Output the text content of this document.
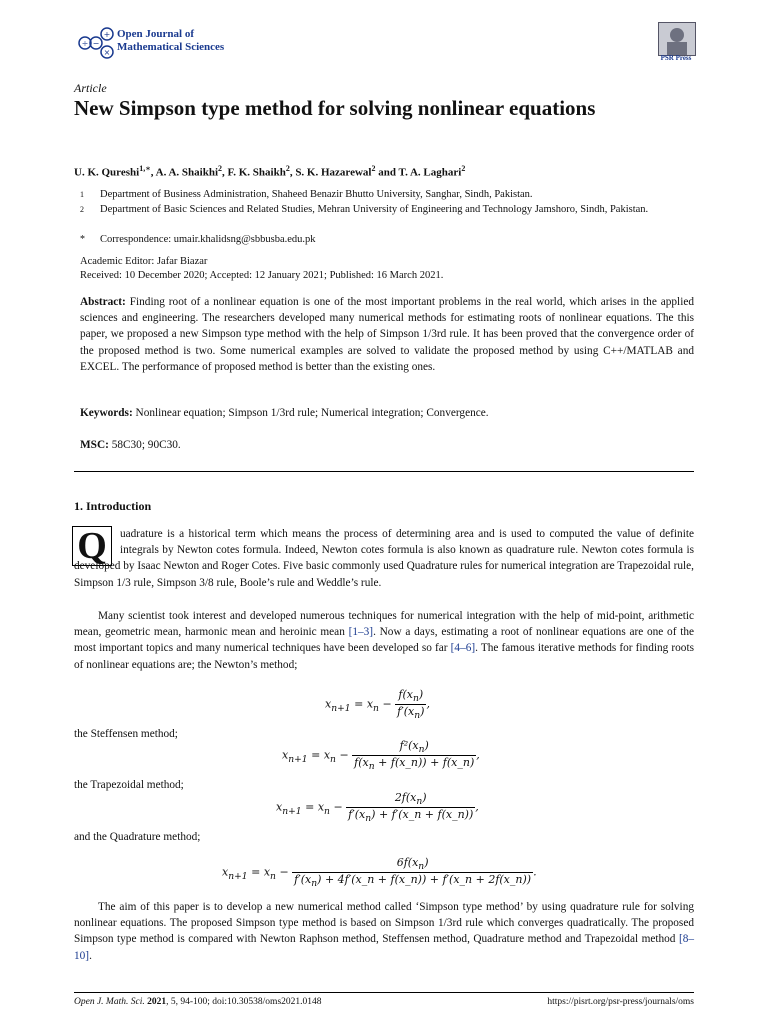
+
−
÷
×
Open Journal of
Mathematical Sciences
PSR Press
Article
New Simpson type method for solving nonlinear equations
U. K. Qureshi$^{1,∗}$, A. A. Shaikhi$^2$, F. K. Shaikh$^2$, S. K. Hazarewal$^2$ and T. A. Laghari$^2$
1 Department of Business Administration, Shaheed Benazir Bhutto University, Sanghar, Sindh, Pakistan.
2 Department of Basic Sciences and Related Studies, Mehran University of Engineering and Technology Jamshoro, Sindh, Pakistan.
* Correspondence: umair.khalidsng@sbbusba.edu.pk
Academic Editor: Jafar Biazar
Received: 10 December 2020; Accepted: 12 January 2021; Published: 16 March 2021.
Abstract: Finding root of a nonlinear equation is one of the most important problems in the real world, which arises in the applied sciences and engineering. The researchers developed many numerical methods for estimating roots of nonlinear equations. The this paper, we proposed a new Simpson type method with the help of Simpson 1/3rd rule. It has been proved that the convergence order of the proposed method is two. Some numerical examples are solved to validate the proposed method by using C++/MATLAB and EXCEL. The performance of proposed method is better than the existing ones.
Keywords: Nonlinear equation; Simpson 1/3rd rule; Numerical integration; Convergence.
MSC: 58C30; 90C30.
1. Introduction
Q	uadrature is a historical term which means the process of determining area and is used to computed the value of definite integrals by Newton cotes formula. Indeed, Newton cotes formula is also known as quadrature rule. Newton cotes formula is developed by Isaac Newton and Roger Cotes. Five basic commonly used Quadrature rules for numerical integration are Trapezoidal rule, Simpson 1/3 rule, Simpson 3/8 rule, Boole’s rule and Weddle’s rule.
Many scientist took interest and developed numerous techniques for numerical integration with the help of mid-point, arithmetic mean, geometric mean, harmonic mean and heroinic mean [1–3]. Now a days, estimating a root of nonlinear equations are one of the most important topics and many numerical techniques have been developed so far [4–6]. The famous iterative methods for finding roots of nonlinear equations are; the Newton’s method;
$x_{n+1} = x_n - \frac{f(x_n)}{f'(x_n)}$ ,
the Steffensen method;
$x_{n+1} = x_n - \frac{f^2(x_n)}{f(x_n + f(x\_n)) + f(x\_n)}$ ,
the Trapezoidal method;
$x_{n+1} = x_n - \frac{2f(x_n)}{f'(x_n) + f'(x\_n + f(x\_n))}$ ,
and the Quadrature method;
$x_{n+1} = x_n - \frac{6f(x_n)}{f'(x_n) + 4f'(x\_n + f(x\_n)) + f'(x\_n + 2f(x\_n))}$ .
The aim of this paper is to develop a new numerical method called ‘Simpson type method’ by using quadrature rule for solving nonlinear equations. The proposed Simpson type method is based on Simpson 1/3rd rule which converges quadratically. The proposed Simpson type method is compared with Newton Raphson method, Steffensen method, Quadrature method and Trapezoidal method [8–10].
Open J. Math. Sci. 2021, 5, 94-100; doi:10.30538/oms2021.0148	https://pisrt.org/psr-press/journals/oms
